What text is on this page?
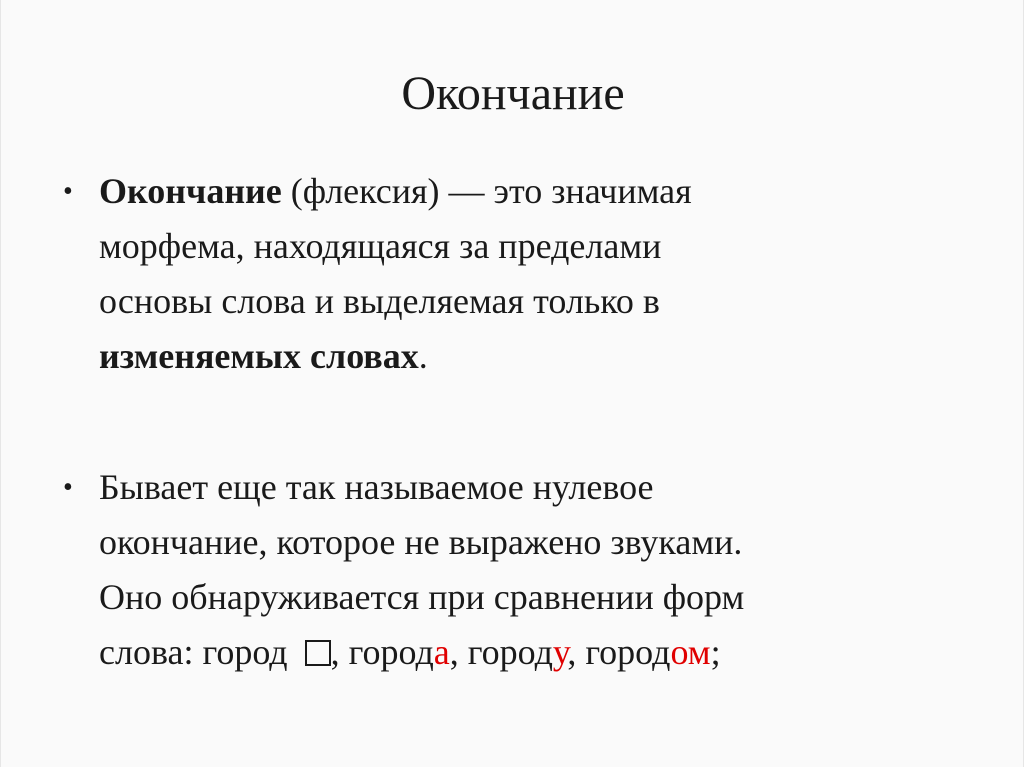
Окончание
• Окончание (флексия) — это значимая
морфема, находящаяся за пределами
основы слова и выделяемая только в
изменяемых словах.
• Бывает еще так называемое нулевое
окончание, которое не выражено звуками.
Оно обнаруживается при сравнении форм
слова: город , города, городу, городом;
